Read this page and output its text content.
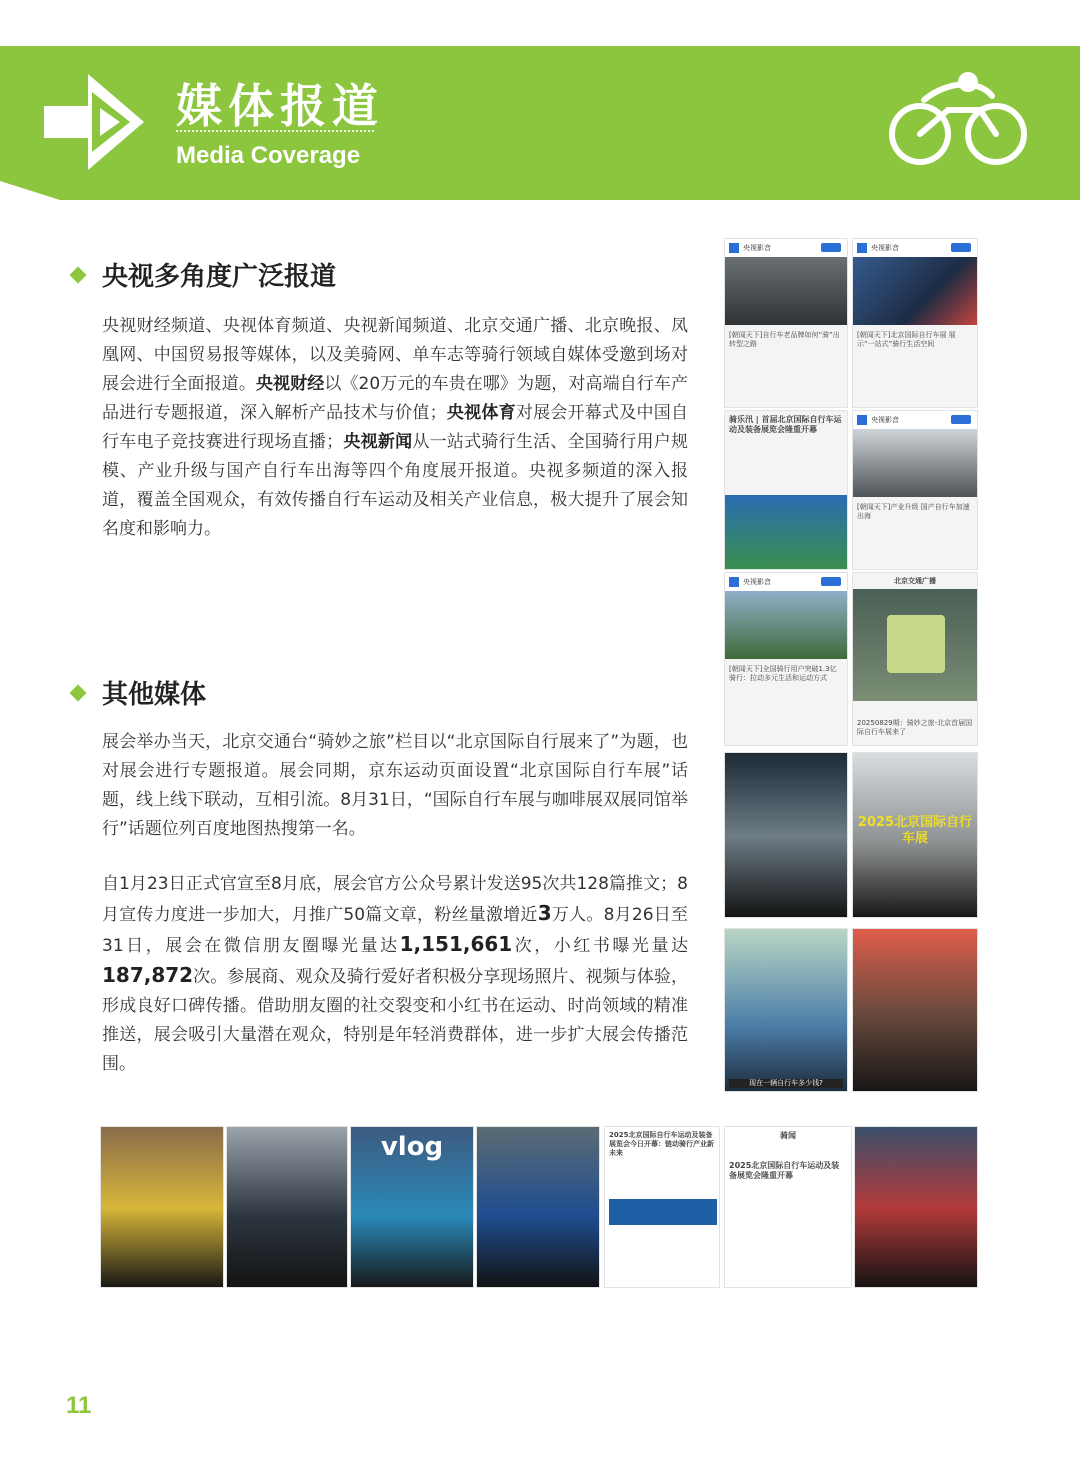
媒体报道
Media Coverage
央视多角度广泛报道

央视财经频道、央视体育频道、央视新闻频道、北京交通广播、北京晚报、凤凰网、中国贸易报等媒体，以及美骑网、单车志等骑行领域自媒体受邀到场对展会进行全面报道。央视财经以《20万元的车贵在哪》为题，对高端自行车产品进行专题报道，深入解析产品技术与价值；央视体育对展会开幕式及中国自行车电子竞技赛进行现场直播；央视新闻从一站式骑行生活、全国骑行用户规模、产业升级与国产自行车出海等四个角度展开报道。央视多频道的深入报道，覆盖全国观众，有效传播自行车运动及相关产业信息，极大提升了展会知名度和影响力。

其他媒体

展会举办当天，北京交通台“骑妙之旅”栏目以“北京国际自行展来了”为题，也对展会进行专题报道。展会同期，京东运动页面设置“北京国际自行车展”话题，线上线下联动，互相引流。8月31日，“国际自行车展与咖啡展双展同馆举行”话题位列百度地图热搜第一名。

自1月23日正式官宣至8月底，展会官方公众号累计发送95次共128篇推文；8月宣传力度进一步加大，月推广50篇文章，粉丝量激增近3万人。8月26日至31日，展会在微信朋友圈曝光量达1,151,661次，小红书曝光量达187,872次。参展商、观众及骑行爱好者积极分享现场照片、视频与体验，形成良好口碑传播。借助朋友圈的社交裂变和小红书在运动、时尚领域的精准推送，展会吸引大量潜在观众，特别是年轻消费群体，进一步扩大展会传播范围。

央视影音
[朝闻天下]自行车老品牌如何“骑”出转型之路
央视影音
[朝闻天下]北京国际自行车展 展示“一站式”骑行生活空间
骑乐汛 | 首届北京国际自行车运动及装备展览会隆重开幕
央视影音
[朝闻天下]产业升级 国产自行车加速出海
央视影音
[朝闻天下]全国骑行用户突破1.3亿 骑行：拉动多元生活和运动方式
北京交通广播
20250829期：骑妙之旅-北京首届国际自行车展来了
2025北京国际自行车展
现在一辆自行车多少钱?
vlog	2025北京国际自行车运动及装备展览会今日开幕：链动骑行产业新未来
骑闻
2025北京国际自行车运动及装备展览会隆重开幕
11
